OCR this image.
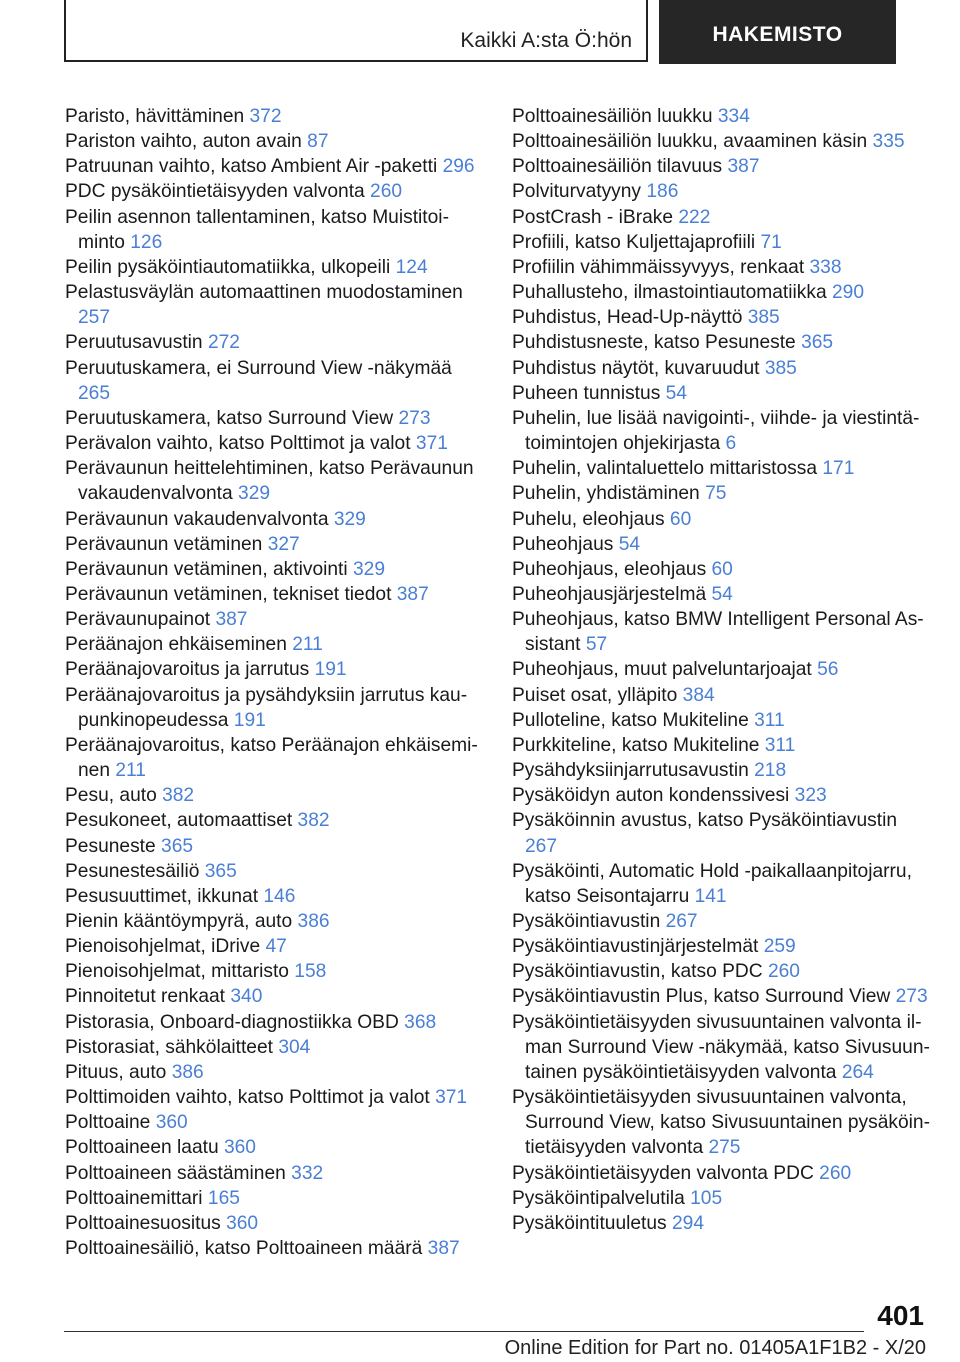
Kaikki A:sta Ö:hön	HAKEMISTO
Paristo, hävittäminen 372
Pariston vaihto, auton avain 87
Patruunan vaihto, katso Ambient Air ‑paketti 296
PDC pysäköintietäisyyden valvonta 260
Peilin asennon tallentaminen, katso Muistitoiminto 126
Peilin pysäköintiautomatiikka, ulkopeili 124
Pelastusväylän automaattinen muodostaminen 257
Peruutusavustin 272
Peruutuskamera, ei Surround View ‑näkymää 265
Peruutuskamera, katso Surround View 273
Perävalon vaihto, katso Polttimot ja valot 371
Perävaunun heittelehtiminen, katso Perävaunun vakaudenvalvonta 329
Perävaunun vakaudenvalvonta 329
Perävaunun vetäminen 327
Perävaunun vetäminen, aktivointi 329
Perävaunun vetäminen, tekniset tiedot 387
Perävaunupainot 387
Peräänajon ehkäiseminen 211
Peräänajovaroitus ja jarrutus 191
Peräänajovaroitus ja pysähdyksiin jarrutus kaupunkinopeudessa 191
Peräänajovaroitus, katso Peräänajon ehkäiseminen 211
Pesu, auto 382
Pesukoneet, automaattiset 382
Pesuneste 365
Pesunestesäiliö 365
Pesusuuttimet, ikkunat 146
Pienin kääntöympyrä, auto 386
Pienoisohjelmat, iDrive 47
Pienoisohjelmat, mittaristo 158
Pinnoitetut renkaat 340
Pistorasia, Onboard-diagnostiikka OBD 368
Pistorasiat, sähkölaitteet 304
Pituus, auto 386
Polttimoiden vaihto, katso Polttimot ja valot 371
Polttoaine 360
Polttoaineen laatu 360
Polttoaineen säästäminen 332
Polttoainemittari 165
Polttoainesuositus 360
Polttoainesäiliö, katso Polttoaineen määrä 387
Polttoainesäiliön luukku 334
Polttoainesäiliön luukku, avaaminen käsin 335
Polttoainesäiliön tilavuus 387
Polviturvatyyny 186
PostCrash - iBrake 222
Profiili, katso Kuljettajaprofiili 71
Profiilin vähimmäissyvyys, renkaat 338
Puhallusteho, ilmastointiautomatiikka 290
Puhdistus, Head-Up-näyttö 385
Puhdistusneste, katso Pesuneste 365
Puhdistus näytöt, kuvaruudut 385
Puheen tunnistus 54
Puhelin, lue lisää navigointi-, viihde- ja viestintätoimintojen ohjekirjasta 6
Puhelin, valintaluettelo mittaristossa 171
Puhelin, yhdistäminen 75
Puhelu, eleohjaus 60
Puheohjaus 54
Puheohjaus, eleohjaus 60
Puheohjausjärjestelmä 54
Puheohjaus, katso BMW Intelligent Personal Assistant 57
Puheohjaus, muut palveluntarjoajat 56
Puiset osat, ylläpito 384
Pulloteline, katso Mukiteline 311
Purkkiteline, katso Mukiteline 311
Pysähdyksiinjarrutusavustin 218
Pysäköidyn auton kondenssivesi 323
Pysäköinnin avustus, katso Pysäköintiavustin 267
Pysäköinti, Automatic Hold ‑paikallaanpitojarru, katso Seisontajarru 141
Pysäköintiavustin 267
Pysäköintiavustinjärjestelmät 259
Pysäköintiavustin, katso PDC 260
Pysäköintiavustin Plus, katso Surround View 273
Pysäköintietäisyyden sivusuuntainen valvonta ilman Surround View ‑näkymää, katso Sivusuuntainen pysäköintietäisyyden valvonta 264
Pysäköintietäisyyden sivusuuntainen valvonta, Surround View, katso Sivusuuntainen pysäköintietäisyyden valvonta 275
Pysäköintietäisyyden valvonta PDC 260
Pysäköintipalvelutila 105
Pysäköintituuletus 294
401
Online Edition for Part no. 01405A1F1B2 - X/20
